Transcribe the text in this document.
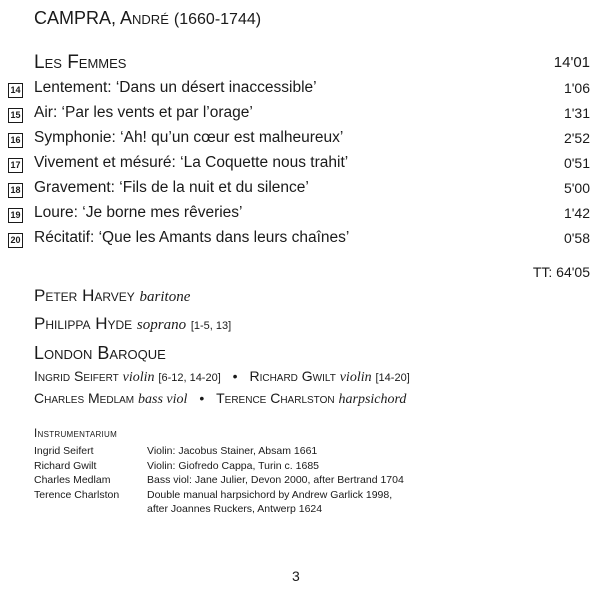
CAMPRA, André (1660-1744)
Les Femmes	14'01
14 Lentement: ‘Dans un désert inaccessible’	1'06
15 Air: ‘Par les vents et par l’orage’	1'31
16 Symphonie: ‘Ah! qu’un cœur est malheureux’	2'52
17 Vivement et mésuré: ‘La Coquette nous trahit’	0'51
18 Gravement: ‘Fils de la nuit et du silence’	5'00
19 Loure: ‘Je borne mes rêveries’	1'42
20 Récitatif: ‘Que les Amants dans leurs chaînes’	0'58
TT: 64'05
Peter Harvey baritone
Philippa Hyde soprano [1-5, 13]
London Baroque
Ingrid Seifert violin [6-12, 14-20] • Richard Gwilt violin [14-20]
Charles Medlam bass viol • Terence Charlston harpsichord
Instrumentarium
Ingrid Seifert	Violin: Jacobus Stainer, Absam 1661
Richard Gwilt	Violin: Giofredo Cappa, Turin c. 1685
Charles Medlam	Bass viol: Jane Julier, Devon 2000, after Bertrand 1704
Terence Charlston	Double manual harpsichord by Andrew Garlick 1998,
after Joannes Ruckers, Antwerp 1624
3
